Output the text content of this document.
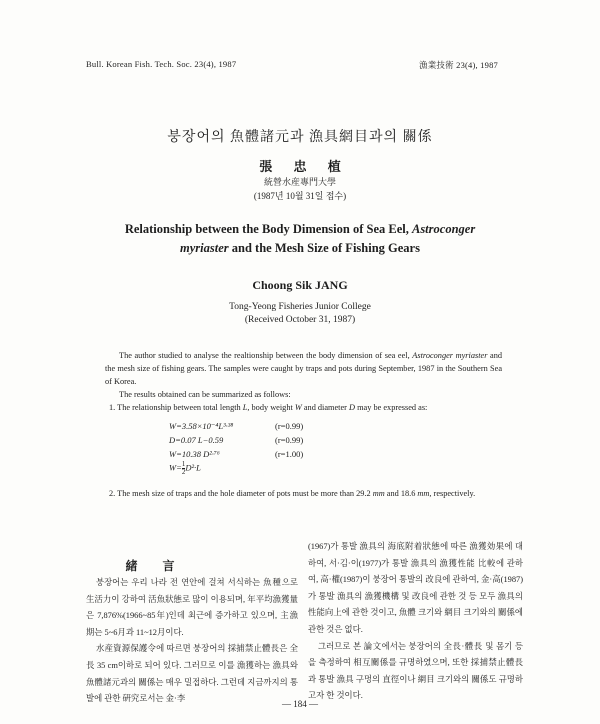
Bull. Korean Fish. Tech. Soc. 23(4), 1987	漁業技術 23(4), 1987
붕장어의 魚體諸元과 漁具網目과의 關係
張 忠 植
統營水産專門大學
(1987년 10월 31일 접수)
Relationship between the Body Dimension of Sea Eel, Astroconger
myriaster and the Mesh Size of Fishing Gears
Choong Sik JANG
Tong-Yeong Fisheries Junior College
(Received October 31, 1987)

The author studied to analyse the realtionship between the body dimension of sea eel, Astroconger myriaster and the mesh size of fishing gears. The samples were caught by traps and pots during September, 1987 in the Southern Sea of Korea.

The results obtained can be summarized as follows:

1. The relationship between total length L, body weight W and diameter D may be expressed as:

W=3.58×10⁻⁴L³·³⁸	(r=0.99)
D=0.07 L−0.59	(r=0.99)
W=10.38 D²·⁷⁶	(r=1.00)
$W= \frac{1}{2} D^2\cdot L$

2. The mesh size of traps and the hole diameter of pots must be more than 29.2 mm and 18.6 mm, respectively.

緒 言

붕장어는 우리 나라 전 연안에 걸쳐 서식하는 魚種으로 生活力이 강하여 活魚狀態로 많이 이용되며, 年平均漁獲量은 7,876%(1966~85年)인데 최근에 증가하고 있으며, 主漁期는 5~6月과 11~12月이다.

水産資源保護令에 따르면 붕장어의 採捕禁止體長은 全長 35 cm이하로 되어 있다. 그러므로 이를 漁獲하는 漁具와 魚體諸元과의 關係는 매우 밀접하다. 그런데 지금까지의 통발에 관한 硏究로서는 金·李

(1967)가 통발 漁具의 海底附着狀態에 따른 漁獲効果에 대하여, 서·김·이(1977)가 통발 漁具의 漁獲性能 比較에 관하여, 高·權(1987)이 붕장어 통발의 改良에 관하여, 金·高(1987)가 통발 漁具의 漁獲機構 및 改良에 관한 것 등 모두 漁具의 性能向上에 관한 것이고, 魚體 크기와 網目 크기와의 關係에 관한 것은 없다.

그러므로 본 論文에서는 붕장어의 全長·體長 및 몸기 등을 측정하여 相互關係를 규명하였으며, 또한 採捕禁止體長과 통발 漁具 구멍의 直徑이나 網目 크기와의 關係도 규명하고자 한 것이다.

— 184 —
